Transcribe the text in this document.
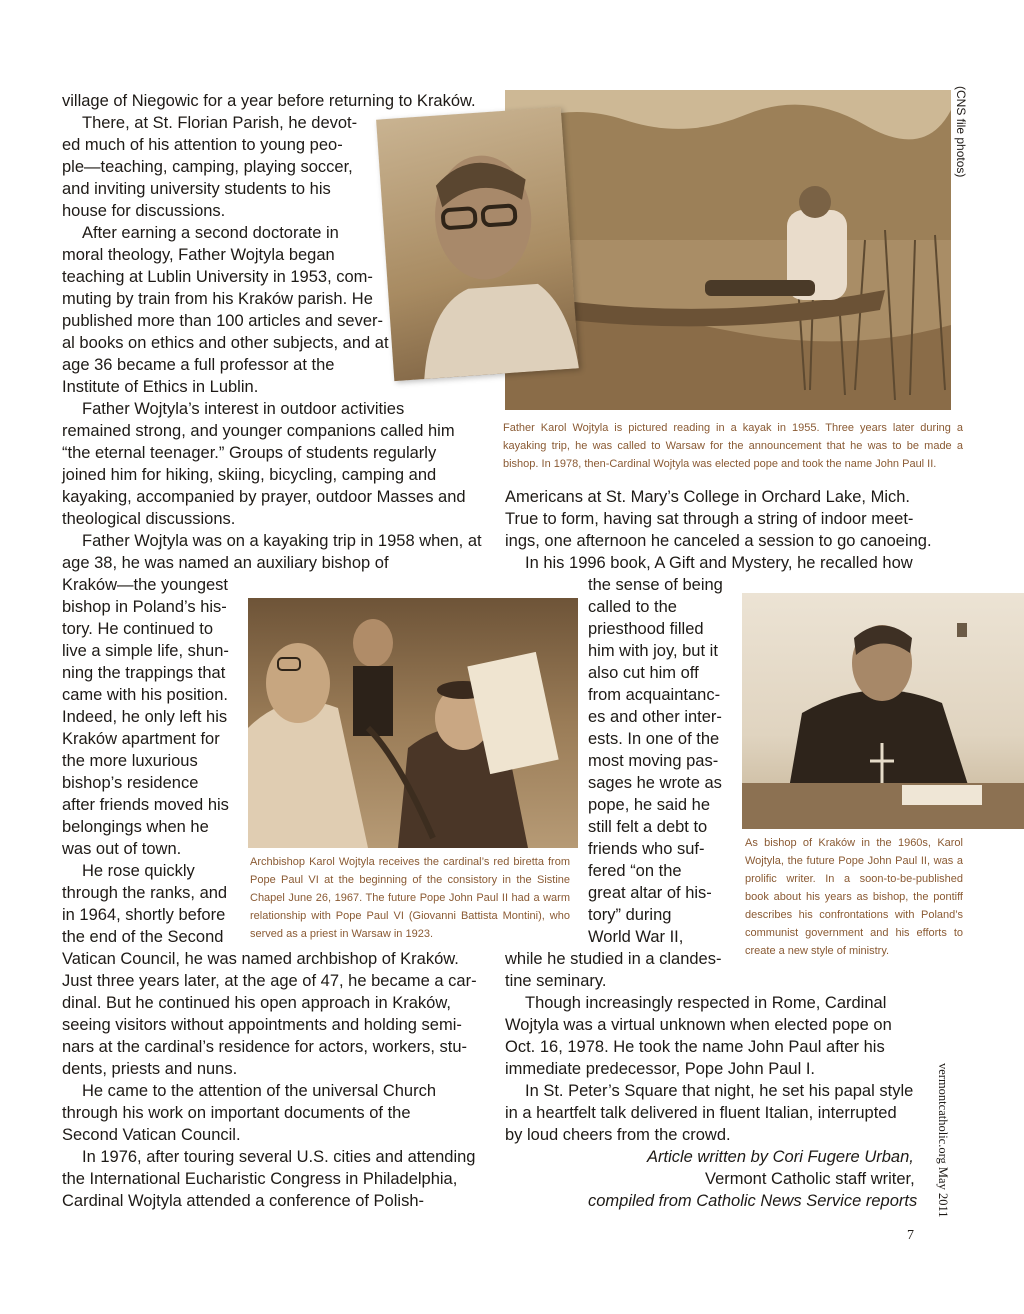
Father Karol Wojtyla is pictured reading in a kayak in 1955. Three years later during a kayaking trip, he was called to Warsaw for the announcement that he was to be made a bishop. In 1978, then-Cardinal Wojtyla was elected pope and took the name John Paul II.

Archbishop Karol Wojtyla receives the cardinal’s red biretta from Pope Paul VI at the beginning of the consistory in the Sistine Chapel June 26, 1967. The future Pope John Paul II had a warm relationship with Pope Paul VI (Giovanni Battista Montini), who served as a priest in Warsaw in 1923.

As bishop of Kraków in the 1960s, Karol Wojtyla, the future Pope John Paul II, was a prolific writer. In a soon-to-be-published book about his years as bishop, the pontiff describes his confrontations with Poland’s communist government and his efforts to create a new style of ministry.

(CNS file photos)

vermontcatholic.org May 2011

7

village of Niegowic for a year before returning to Kraków.

There, at St. Florian Parish, he devot-

ed much of his attention to young peo-

ple—teaching, camping, playing soccer,

and inviting university students to his

house for discussions.

After earning a second doctorate in

moral theology, Father Wojtyla began

teaching at Lublin University in 1953, com-

muting by train from his Kraków parish. He

published more than 100 articles and sever-

al books on ethics and other subjects, and at

age 36 became a full professor at the

Institute of Ethics in Lublin.

Father Wojtyla’s interest in outdoor activities

remained strong, and younger companions called him

“the eternal teenager.” Groups of students regularly

joined him for hiking, skiing, bicycling, camping and

kayaking, accompanied by prayer, outdoor Masses and

theological discussions.

Father Wojtyla was on a kayaking trip in 1958 when, at

age 38, he was named an auxiliary bishop of

Kraków—the youngest

bishop in Poland’s his-

tory. He continued to

live a simple life, shun-

ning the trappings that

came with his position.

Indeed, he only left his

Kraków apartment for

the more luxurious

bishop’s residence

after friends moved his

belongings when he

was out of town.

He rose quickly

through the ranks, and

in 1964, shortly before

the end of the Second

Vatican Council, he was named archbishop of Kraków.

Just three years later, at the age of 47, he became a car-

dinal. But he continued his open approach in Kraków,

seeing visitors without appointments and holding semi-

nars at the cardinal’s residence for actors, workers, stu-

dents, priests and nuns.

He came to the attention of the universal Church

through his work on important documents of the

Second Vatican Council.

In 1976, after touring several U.S. cities and attending

the International Eucharistic Congress in Philadelphia,

Cardinal Wojtyla attended a conference of Polish-

Americans at St. Mary’s College in Orchard Lake, Mich.

True to form, having sat through a string of indoor meet-

ings, one afternoon he canceled a session to go canoeing.

In his 1996 book, A Gift and Mystery, he recalled how

the sense of being

called to the

priesthood filled

him with joy, but it

also cut him off

from acquaintanc-

es and other inter-

ests. In one of the

most moving pas-

sages he wrote as

pope, he said he

still felt a debt to

friends who suf-

fered “on the

great altar of his-

tory” during

World War II,

while he studied in a clandes-

tine seminary.

Though increasingly respected in Rome, Cardinal

Wojtyla was a virtual unknown when elected pope on

Oct. 16, 1978. He took the name John Paul after his

immediate predecessor, Pope John Paul I.

In St. Peter’s Square that night, he set his papal style

in a heartfelt talk delivered in fluent Italian, interrupted

by loud cheers from the crowd.

Article written by Cori Fugere Urban,

Vermont Catholic staff writer,

compiled from Catholic News Service reports
